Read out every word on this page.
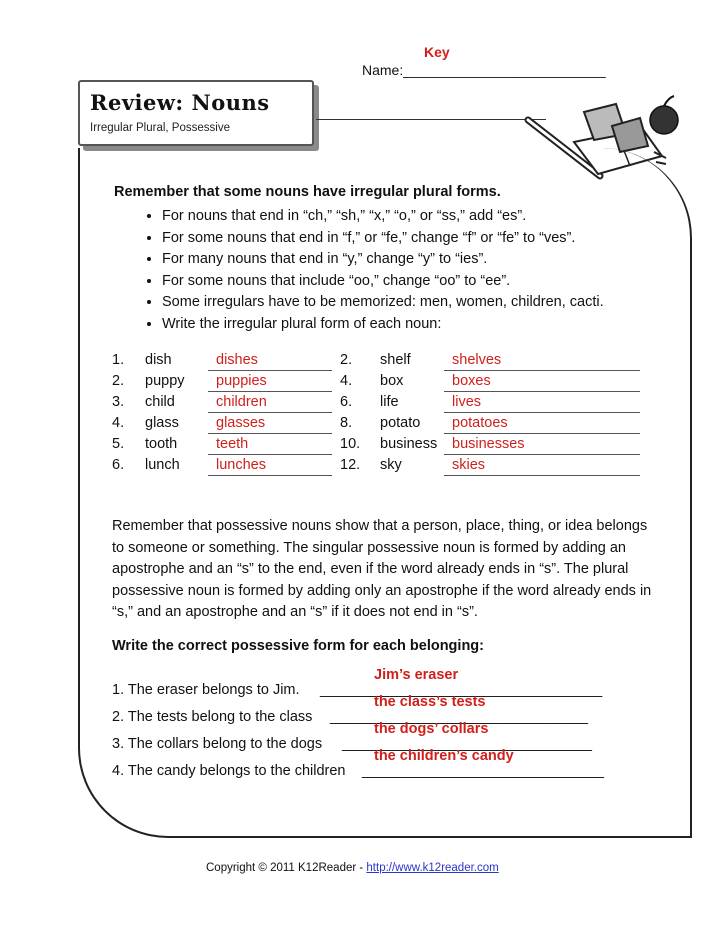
Key
Name:__________________________
Review: Nouns
Irregular Plural, Possessive
Remember that some nouns have irregular plural forms.
• For nouns that end in “ch,” “sh,” “x,” “o,” or “ss,” add “es”.
• For some nouns that end in “f,” or “fe,” change “f” or “fe” to “ves”.
• For many nouns that end in “y,” change “y” to “ies”.
• For some nouns that include “oo,” change “oo” to “ee”.
• Some irregulars have to be memorized: men, women, children, cacti.
• Write the irregular plural form of each noun:
1. dish	dishes	2. shelf	shelves
2. puppy puppies	4. box	boxes
3. child	children	6. life	lives
4. glass	glasses	8. potato potatoes
5. tooth	teeth	10. business businesses
6. lunch	lunches	12. sky	skies
Remember that possessive nouns show that a person, place, thing, or idea belongs to someone or something. The singular possessive noun is formed by adding an apostrophe and an “s” to the end, even if the word already ends in “s”. The plural possessive noun is formed by adding only an apostrophe if the word already ends in “s,” and an apostrophe and an “s” if it does not end in “s”.
Write the correct possessive form for each belonging:
1. The eraser belongs to Jim. ___________________________________
Jim’s eraser
2. The tests belong to the class ________________________________
the class’s tests
3. The collars belong to the dogs _______________________________
the dogs’ collars
4. The candy belongs to the children ______________________________
the children’s candy
Copyright © 2011 K12Reader - http://www.k12reader.com
